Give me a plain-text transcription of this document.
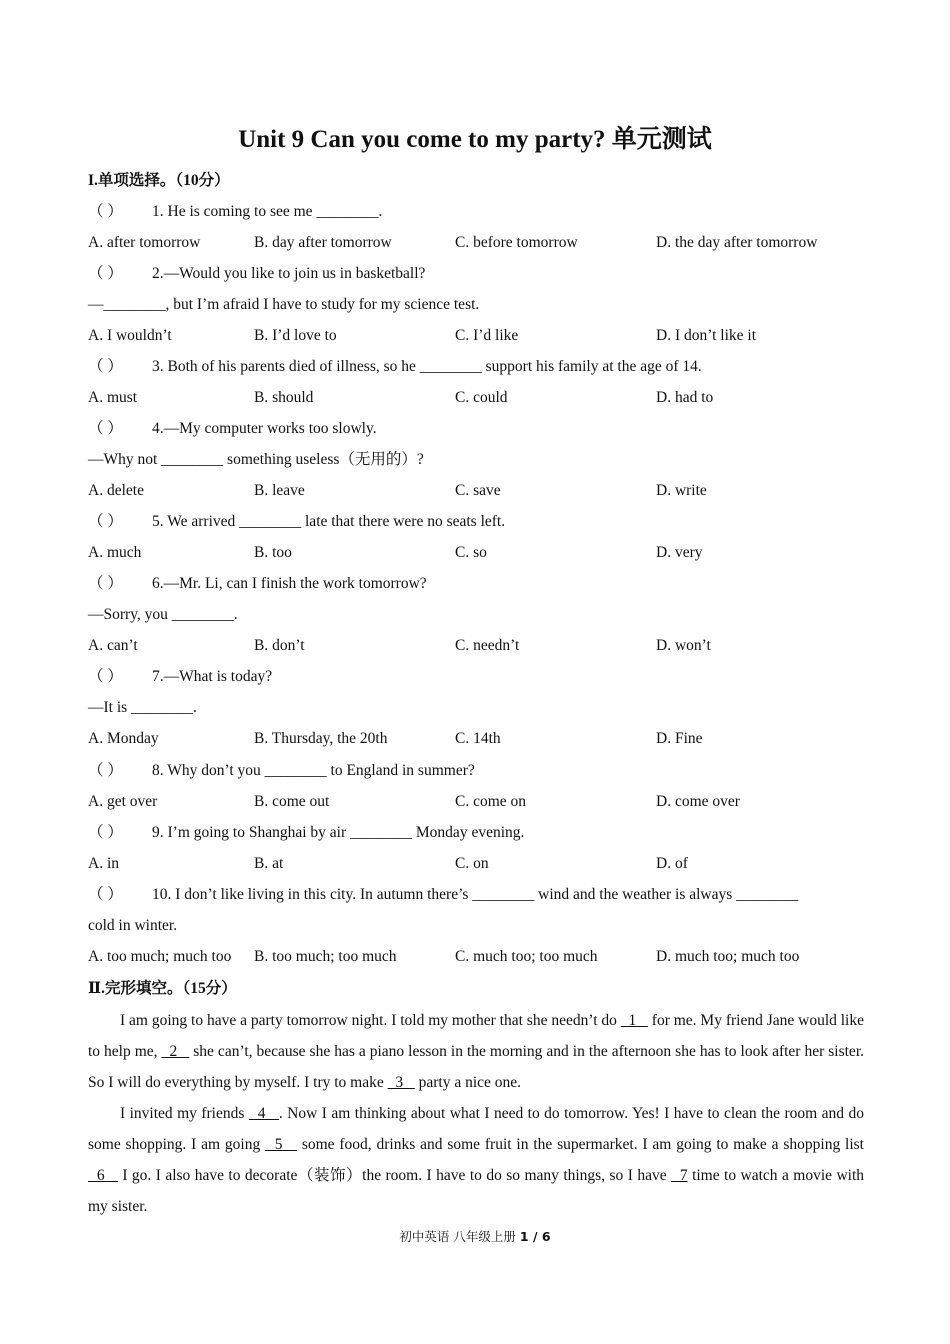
Unit 9 Can you come to my party? 单元测试
I.单项选择。（10分）
（ ） 1. He is coming to see me ________.
A. after tomorrow	B. day after tomorrow	C. before tomorrow	D. the day after tomorrow
（ ） 2.—Would you like to join us in basketball?
—________, but I’m afraid I have to study for my science test.
A. I wouldn’t	B. I’d love to	C. I’d like	D. I don’t like it
（ ） 3. Both of his parents died of illness, so he ________ support his family at the age of 14.
A. must	B. should	C. could	D. had to
（ ） 4.—My computer works too slowly.
—Why not ________ something useless（无用的）?
A. delete	B. leave	C. save	D. write
（ ） 5. We arrived ________ late that there were no seats left.
A. much	B. too	C. so	D. very
（ ） 6.—Mr. Li, can I finish the work tomorrow?
—Sorry, you ________.
A. can’t	B. don’t	C. needn’t	D. won’t
（ ） 7.—What is today?
—It is ________.
A. Monday	B. Thursday, the 20th	C. 14th	D. Fine
（ ） 8. Why don’t you ________ to England in summer?
A. get over	B. come out	C. come on	D. come over
（ ） 9. I’m going to Shanghai by air ________ Monday evening.
A. in	B. at	C. on	D. of
（ ） 10. I don’t like living in this city. In autumn there’s ________ wind and the weather is always ________
cold in winter.
A. too much; much too B. too much; too much	C. much too; too much	D. much too; much too
Ⅱ.完形填空。（15分）
I am going to have a party tomorrow night. I told my mother that she needn’t do   1    for me. My friend Jane would like to help me,   2    she can’t, because she has a piano lesson in the morning and in the afternoon she has to look after her sister. So I will do everything by myself. I try to make   3    party a nice one.
I invited my friends   4   . Now I am thinking about what I need to do tomorrow. Yes! I have to clean the room and do some shopping. I am going   5    some food, drinks and some fruit in the supermarket. I am going to make a shopping list   6    I go. I also have to decorate（装饰）the room. I have to do so many things, so I have   7 time to watch a movie with my sister.
初中英语 八年级上册 1 / 6
